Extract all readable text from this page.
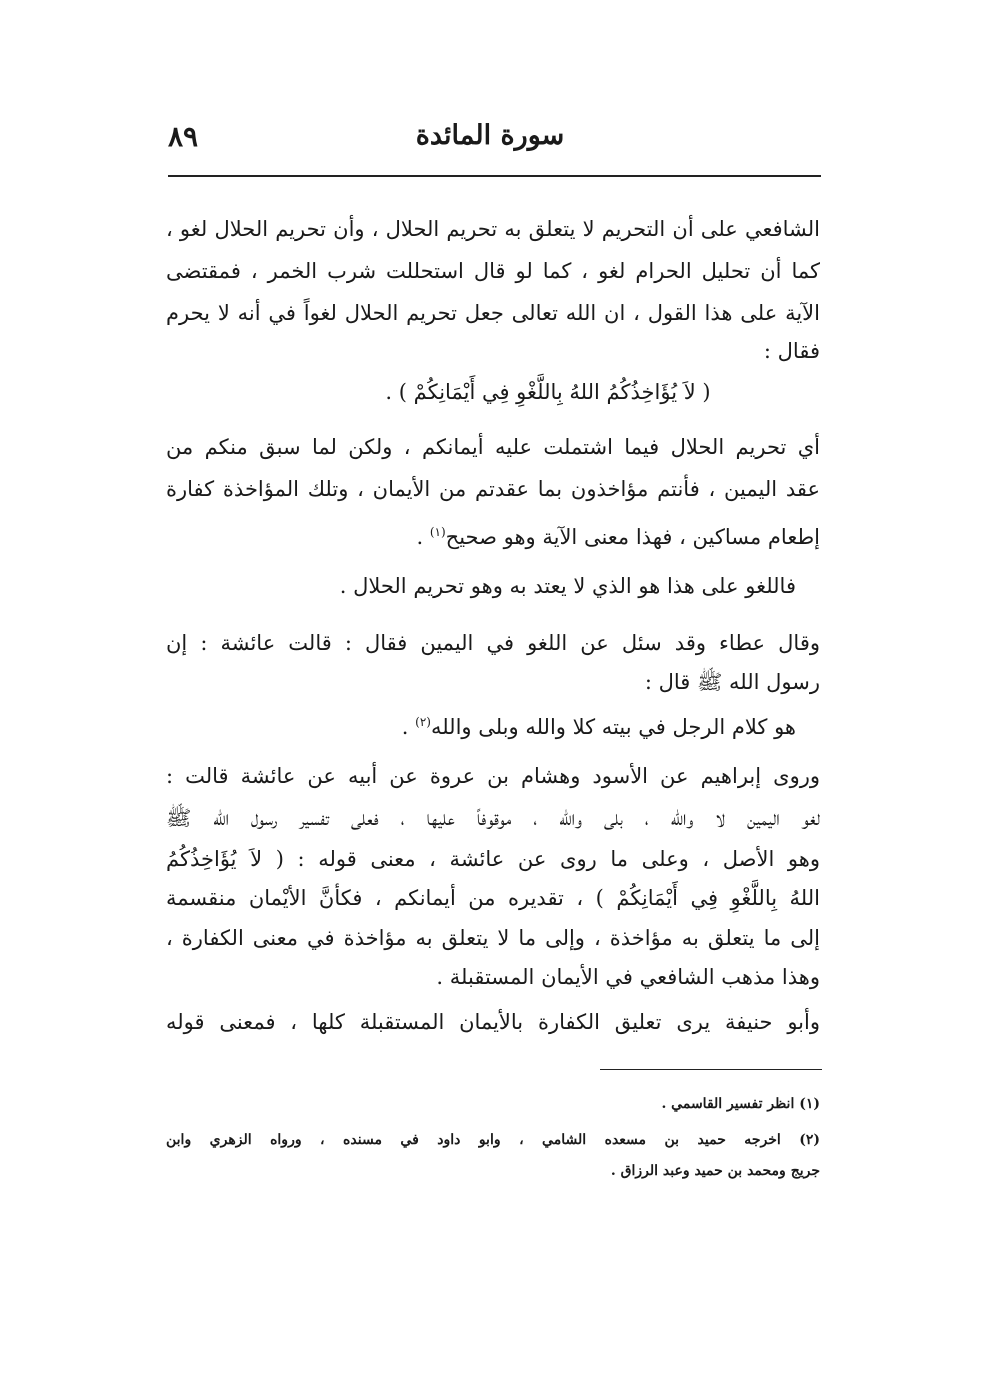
سورة المائدة
٨٩
الشافعي على أن التحريم لا يتعلق به تحريم الحلال ، وأن تحريم الحلال لغو ،
كما أن تحليل الحرام لغو ، كما لو قال استحللت شرب الخمر ، فمقتضى
الآية على هذا القول ، ان الله تعالى جعل تحريم الحلال لغواً في أنه لا يحرم
فقال :
( لاَ يُؤَاخِذُكُمُ اللهُ بِاللَّغْوِ فِي أَيْمَانِكُمْ ) .
أي تحريم الحلال فيما اشتملت عليه أيمانكم ، ولكن لما سبق منكم من
عقد اليمين ، فأنتم مؤاخذون بما عقدتم من الأيمان ، وتلك المؤاخذة كفارة
إطعام مساكين ، فهذا معنى الآية وهو صحيح$^{(١)}$ .
فاللغو على هذا هو الذي لا يعتد به وهو تحريم الحلال .
وقال عطاء وقد سئل عن اللغو في اليمين فقال : قالت عائشة : إن
رسول الله ﷺ قال :
هو كلام الرجل في بيته كلا والله وبلى والله$^{(٢)}$ .
وروى إبراهيم عن الأسود وهشام بن عروة عن أبيه عن عائشة قالت :
لغو اليمين لا والله ، بلى والله ، موقوفاً عليها ، فعلى تفسير رسول الله ﷺ
وهو الأصل ، وعلى ما روى عن عائشة ، معنى قوله : ( لاَ يُؤَاخِذُكُمُ
اللهُ بِاللَّغْوِ فِي أَيْمَانِكُمْ ) ، تقديره من أيمانكم ، فكأنَّ الأيْمان منقسمة
إلى ما يتعلق به مؤاخذة ، وإلى ما لا يتعلق به مؤاخذة في معنى الكفارة ،
وهذا مذهب الشافعي في الأيمان المستقبلة .
وأبو حنيفة يرى تعليق الكفارة بالأيمان المستقبلة كلها ، فمعنى قوله
(١) انظر تفسير القاسمي .
(٢) اخرجه حميد بن مسعده الشامي ، وابو داود في مسنده ، ورواه الزهري وابن
جريج ومحمد بن حميد وعبد الرزاق .
